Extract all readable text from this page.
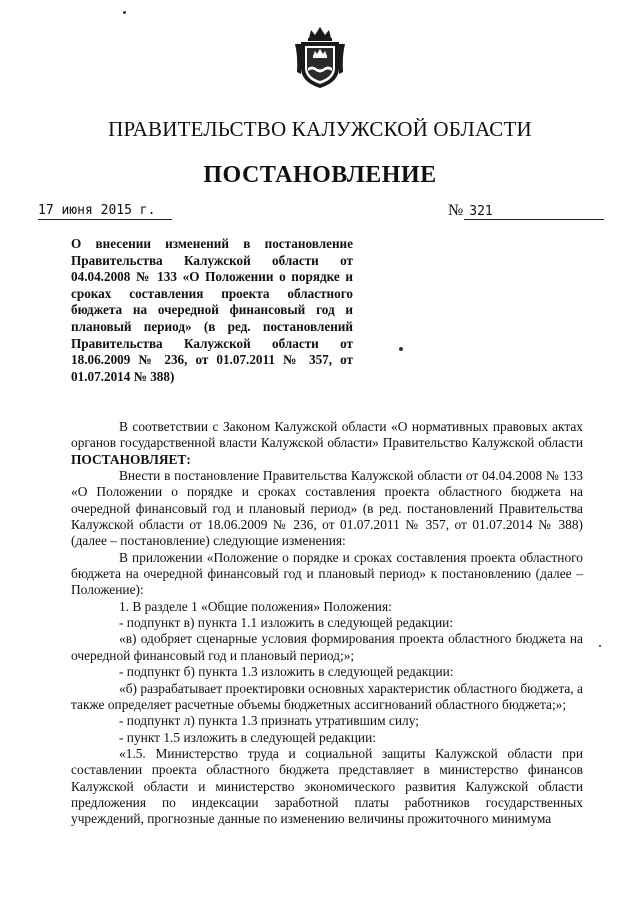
ПРАВИТЕЛЬСТВО КАЛУЖСКОЙ ОБЛАСТИ
ПОСТАНОВЛЕНИЕ
17 июня 2015 г.	№ 321
О внесении изменений в постановление Правительства Калужской области от 04.04.2008 № 133 «О Положении о порядке и сроках составления проекта областного бюджета на очередной финансовый год и плановый период» (в ред. постановлений Правительства Калужской области от 18.06.2009 № 236, от 01.07.2011 № 357, от 01.07.2014 № 388)

В соответствии с Законом Калужской области «О нормативных правовых актах органов государственной власти Калужской области» Правительство Калужской области ПОСТАНОВЛЯЕТ:

Внести в постановление Правительства Калужской области от 04.04.2008 № 133 «О Положении о порядке и сроках составления проекта областного бюджета на очередной финансовый год и плановый период» (в ред. постановлений Правительства Калужской области от 18.06.2009 № 236, от 01.07.2011 № 357, от 01.07.2014 № 388) (далее – постановление) следующие изменения:

В приложении «Положение о порядке и сроках составления проекта областного бюджета на очередной финансовый год и плановый период» к постановлению (далее – Положение):

1. В разделе 1 «Общие положения» Положения:

- подпункт в) пункта 1.1 изложить в следующей редакции:

«в) одобряет сценарные условия формирования проекта областного бюджета на очередной финансовый год и плановый период;»;

- подпункт б) пункта 1.3 изложить в следующей редакции:

«б) разрабатывает проектировки основных характеристик областного бюджета, а также определяет расчетные объемы бюджетных ассигнований областного бюджета;»;

- подпункт л) пункта 1.3 признать утратившим силу;

- пункт 1.5 изложить в следующей редакции:

«1.5. Министерство труда и социальной защиты Калужской области при составлении проекта областного бюджета представляет в министерство финансов Калужской области и министерство экономического развития Калужской области предложения по индексации заработной платы работников государственных учреждений, прогнозные данные по изменению величины прожиточного минимума
